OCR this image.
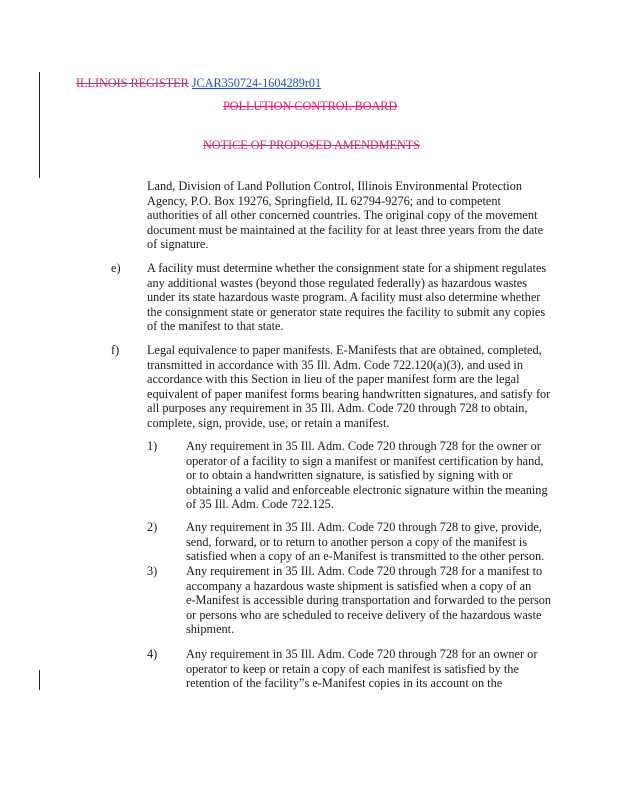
ILLINOIS REGISTER JCAR350724-1604289r01
POLLUTION CONTROL BOARD
NOTICE OF PROPOSED AMENDMENTS
Land, Division of Land Pollution Control, Illinois Environmental Protection
Agency, P.O. Box 19276, Springfield, IL 62794-9276; and to competent
authorities of all other concerned countries. The original copy of the movement
document must be maintained at the facility for at least three years from the date
of signature.
e) A facility must determine whether the consignment state for a shipment regulates
any additional wastes (beyond those regulated federally) as hazardous wastes
under its state hazardous waste program. A facility must also determine whether
the consignment state or generator state requires the facility to submit any copies
of the manifest to that state.
f) Legal equivalence to paper manifests. E-Manifests that are obtained, completed,
transmitted in accordance with 35 Ill. Adm. Code 722.120(a)(3), and used in
accordance with this Section in lieu of the paper manifest form are the legal
equivalent of paper manifest forms bearing handwritten signatures, and satisfy for
all purposes any requirement in 35 Ill. Adm. Code 720 through 728 to obtain,
complete, sign, provide, use, or retain a manifest.
1) Any requirement in 35 Ill. Adm. Code 720 through 728 for the owner or
operator of a facility to sign a manifest or manifest certification by hand,
or to obtain a handwritten signature, is satisfied by signing with or
obtaining a valid and enforceable electronic signature within the meaning
of 35 Ill. Adm. Code 722.125.
2) Any requirement in 35 Ill. Adm. Code 720 through 728 to give, provide,
send, forward, or to return to another person a copy of the manifest is
satisfied when a copy of an e-Manifest is transmitted to the other person.
3) Any requirement in 35 Ill. Adm. Code 720 through 728 for a manifest to
accompany a hazardous waste shipment is satisfied when a copy of an
e-Manifest is accessible during transportation and forwarded to the person
or persons who are scheduled to receive delivery of the hazardous waste
shipment.
4) Any requirement in 35 Ill. Adm. Code 720 through 728 for an owner or
operator to keep or retain a copy of each manifest is satisfied by the
retention of the facility”s e-Manifest copies in its account on the
